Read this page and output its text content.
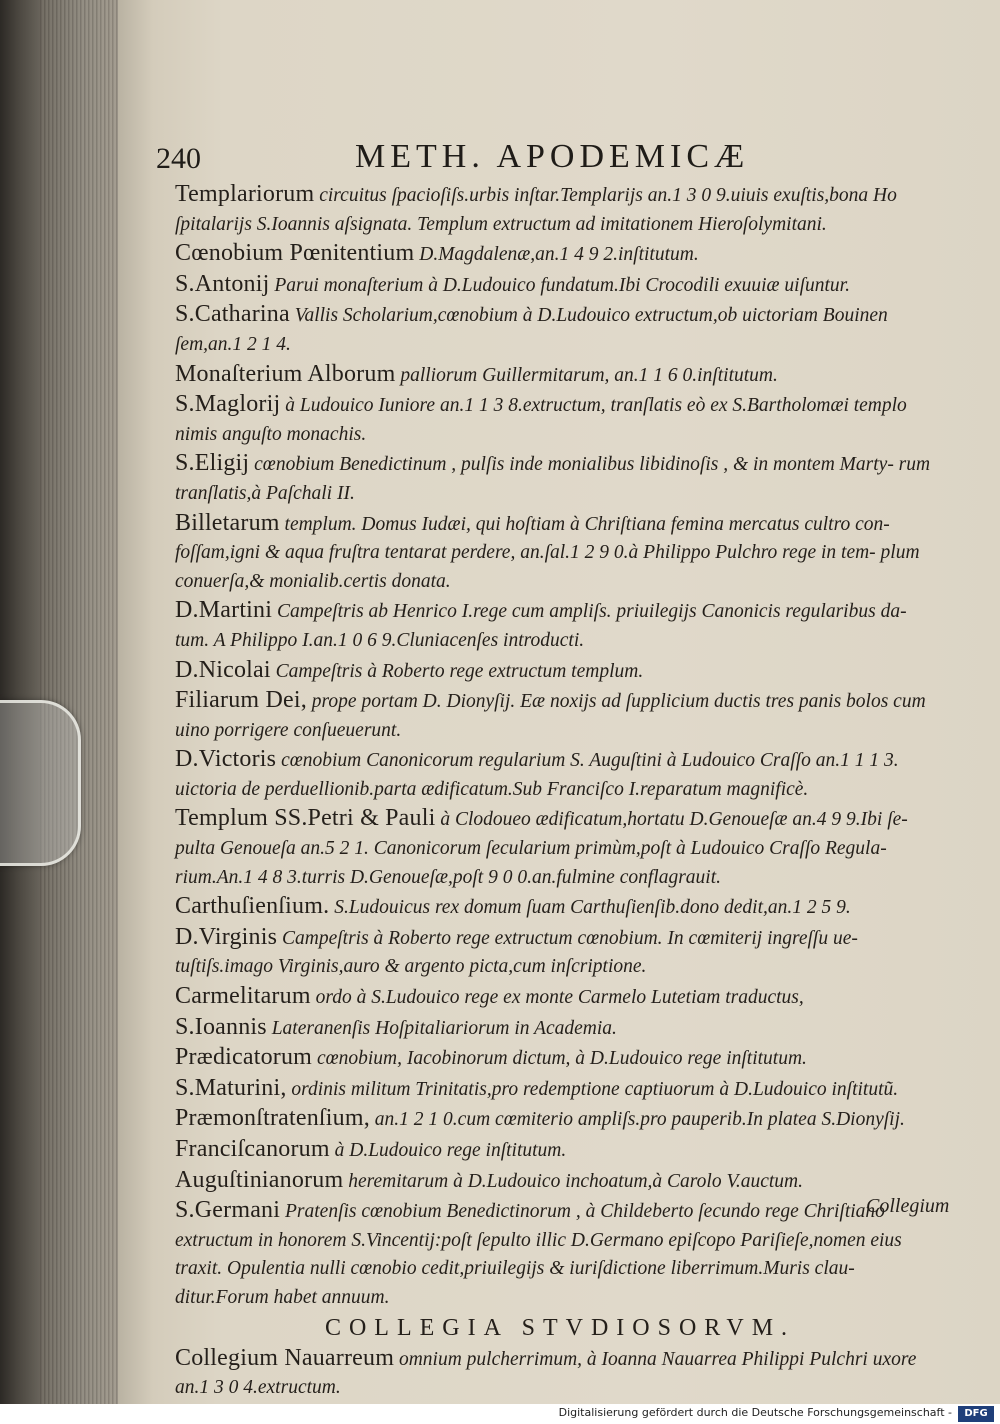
240	METH. APODEMICÆ

Templariorum circuitus ſpacioſiſs.urbis inſtar.Templarijs an.1 3 0 9.uiuis exuſtis,bona Ho ſpitalarijs S.Ioannis aſsignata. Templum extructum ad imitationem Hieroſolymitani.

Cœnobium Pœnitentium D.Magdalenæ,an.1 4 9 2.inſtitutum.

S.Antonij Parui monaſterium à D.Ludouico fundatum.Ibi Crocodili exuuiæ uiſuntur.

S.Catharina Vallis Scholarium,cœnobium à D.Ludouico extructum,ob uictoriam Bouinen ſem,an.1 2 1 4.

Monaſterium Alborum palliorum Guillermitarum, an.1 1 6 0.inſtitutum.

S.Maglorij à Ludouico Iuniore an.1 1 3 8.extructum, tranſlatis eò ex S.Bartholomæi templo nimis anguſto monachis.

S.Eligij cœnobium Benedictinum , pulſis inde monialibus libidinoſis , & in montem Marty- rum tranſlatis,à Paſchali II.

Billetarum templum. Domus Iudæi, qui hoſtiam à Chriſtiana femina mercatus cultro con- foſſam,igni & aqua fruſtra tentarat perdere, an.ſal.1 2 9 0.à Philippo Pulchro rege in tem- plum conuerſa,& monialib.certis donata.

D.Martini Campeſtris ab Henrico I.rege cum ampliſs. priuilegijs Canonicis regularibus da- tum. A Philippo I.an.1 0 6 9.Cluniacenſes introducti.

D.Nicolai Campeſtris à Roberto rege extructum templum.

Filiarum Dei, prope portam D. Dionyſij. Eæ noxijs ad ſupplicium ductis tres panis bolos cum uino porrigere conſueuerunt.

D.Victoris cœnobium Canonicorum regularium S. Auguſtini à Ludouico Craſſo an.1 1 1 3. uictoria de perduellionib.parta ædificatum.Sub Franciſco I.reparatum magnificè.

Templum SS.Petri & Pauli à Clodoueo ædificatum,hortatu D.Genoueſæ an.4 9 9.Ibi ſe- pulta Genoueſa an.5 2 1. Canonicorum ſecularium primùm,poſt à Ludouico Craſſo Regula- rium.An.1 4 8 3.turris D.Genoueſæ,poſt 9 0 0.an.fulmine conflagrauit.

Carthuſienſium. S.Ludouicus rex domum ſuam Carthuſienſib.dono dedit,an.1 2 5 9.

D.Virginis Campeſtris à Roberto rege extructum cœnobium. In cœmiterij ingreſſu ue- tuſtiſs.imago Virginis,auro & argento picta,cum inſcriptione.

Carmelitarum ordo à S.Ludouico rege ex monte Carmelo Lutetiam traductus,

S.Ioannis Lateranenſis Hoſpitaliariorum in Academia.

Prædicatorum cœnobium, Iacobinorum dictum, à D.Ludouico rege inſtitutum.

S.Maturini, ordinis militum Trinitatis,pro redemptione captiuorum à D.Ludouico inſtitutũ.

Præmonſtratenſium, an.1 2 1 0.cum cœmiterio ampliſs.pro pauperib.In platea S.Dionyſij.

Franciſcanorum à D.Ludouico rege inſtitutum.

Auguſtinianorum heremitarum à D.Ludouico inchoatum,à Carolo V.auctum.

S.Germani Pratenſis cœnobium Benedictinorum , à Childeberto ſecundo rege Chriſtiano extructum in honorem S.Vincentij:poſt ſepulto illic D.Germano epiſcopo Pariſieſe,nomen eius traxit. Opulentia nulli cœnobio cedit,priuilegijs & iuriſdictione liberrimum.Muris clau- ditur.Forum habet annuum.

COLLEGIA STVDIOSORVM.

Collegium Nauarreum omnium pulcherrimum, à Ioanna Nauarrea Philippi Pulchri uxore an.1 3 0 4.extructum.

Collegium
Digitalisierung gefördert durch die Deutsche Forschungsgemeinschaft -	DFG
